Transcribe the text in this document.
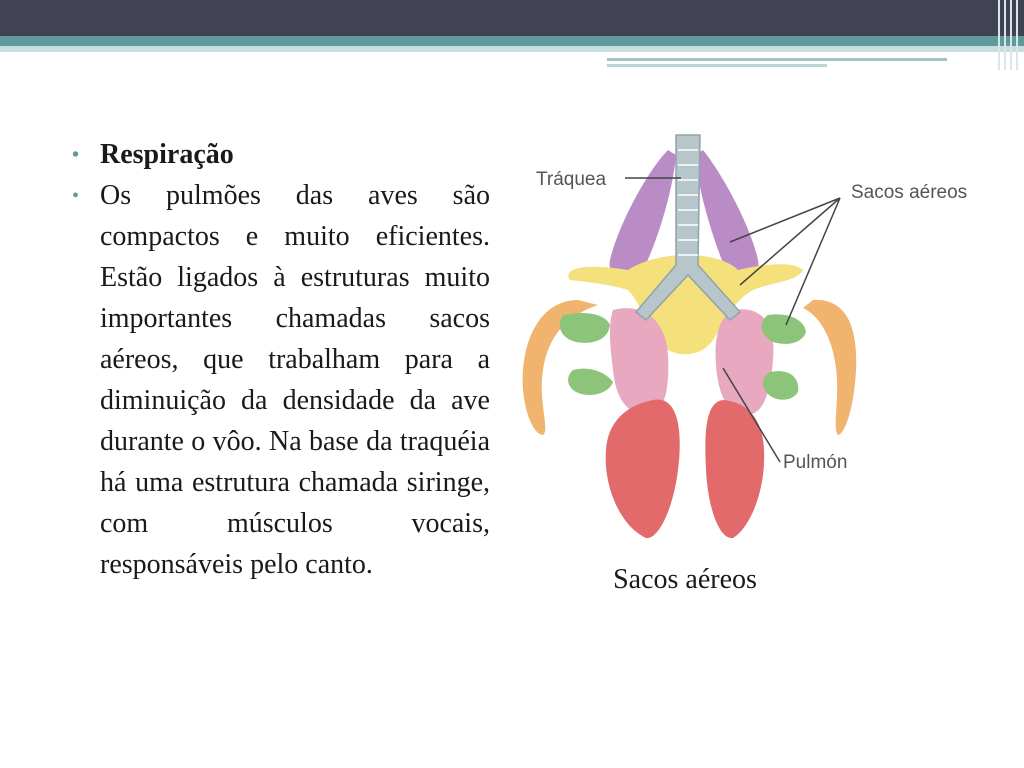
• Respiração
• Os pulmões das aves são compactos e muito eficientes. Estão ligados à estruturas muito importantes chamadas sacos aéreos, que trabalham para a diminuição da densidade da ave durante o vôo. Na base da traquéia há uma estrutura chamada siringe, com músculos vocais, responsáveis pelo canto.
Tráquea
Sacos aéreos
Pulmón
Sacos aéreos
